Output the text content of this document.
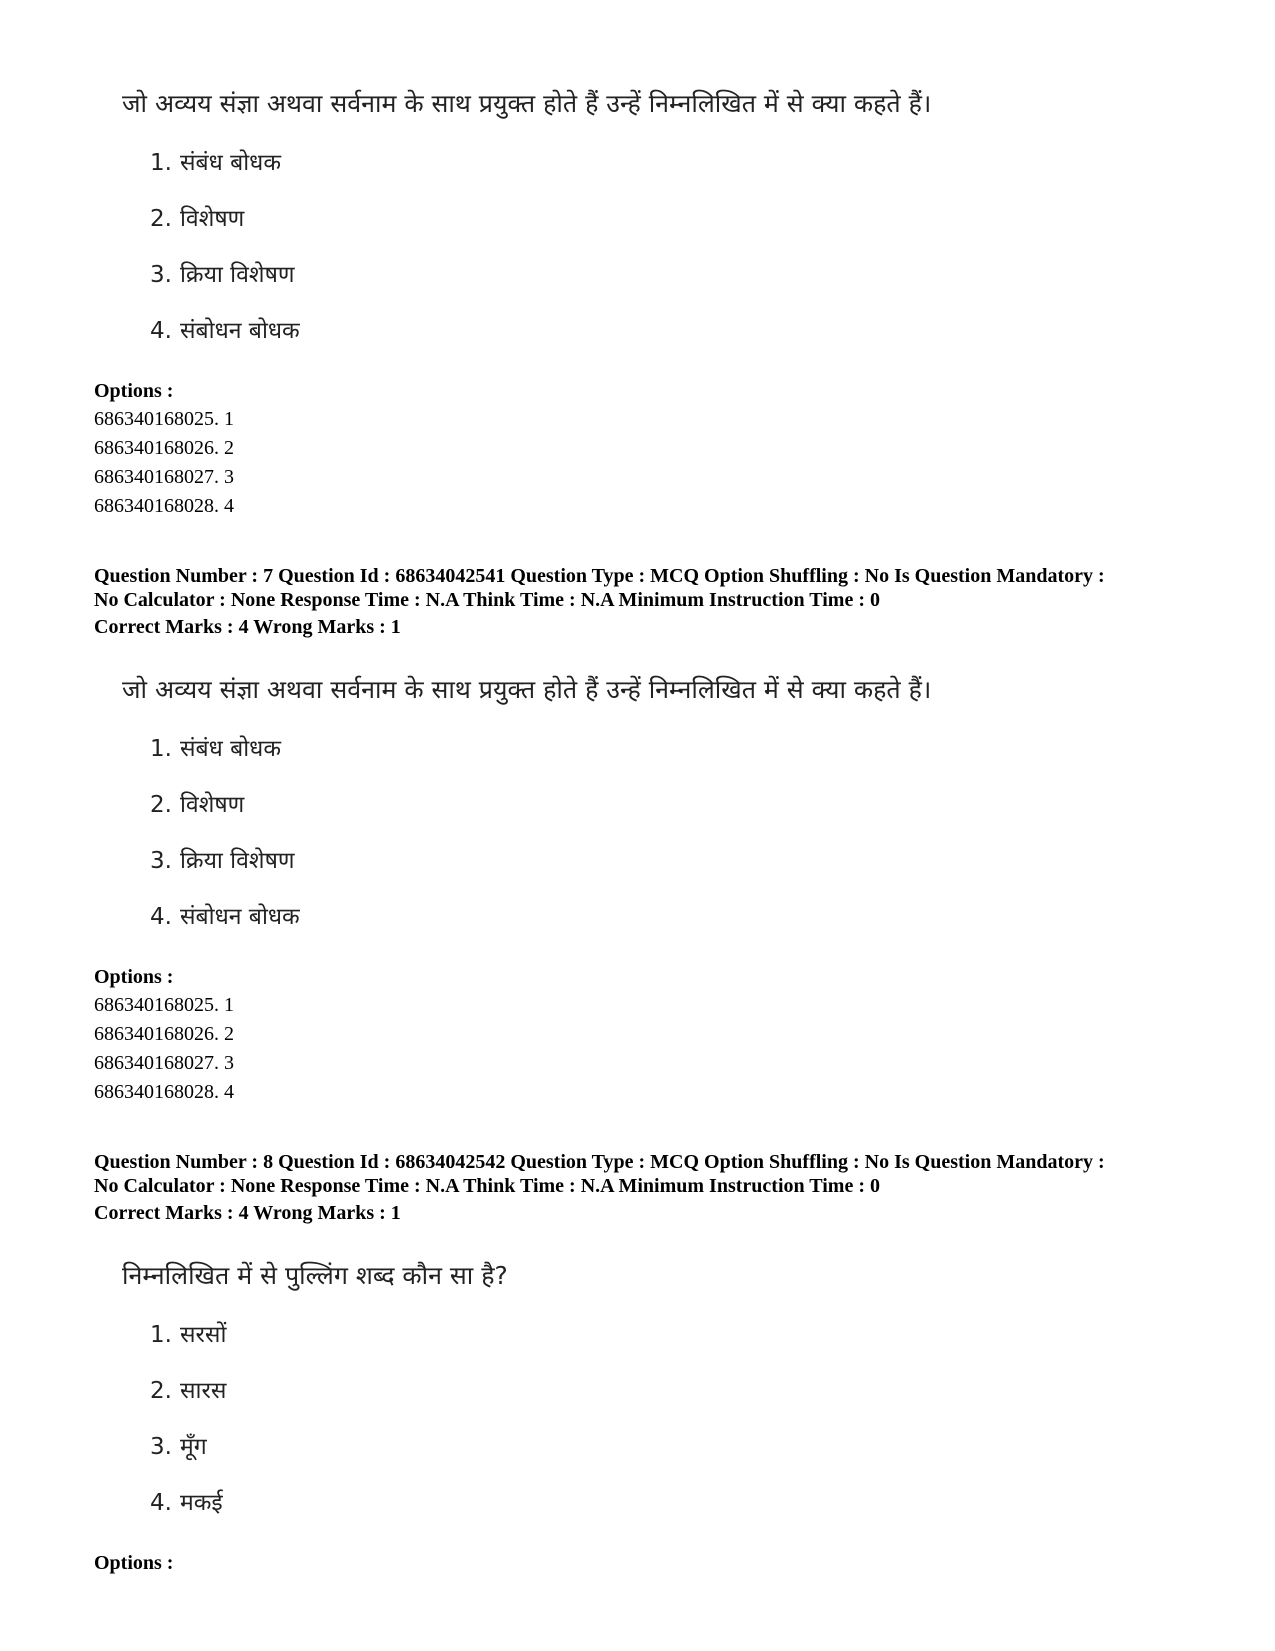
जो अव्यय संज्ञा अथवा सर्वनाम के साथ प्रयुक्त होते हैं उन्हें निम्नलिखित में से क्या कहते हैं।
1. संबंध बोधक
2. विशेषण
3. क्रिया विशेषण
4. संबोधन बोधक
Options :
686340168025. 1
686340168026. 2
686340168027. 3
686340168028. 4
Question Number : 7 Question Id : 68634042541 Question Type : MCQ Option Shuffling : No Is Question Mandatory :
No Calculator : None Response Time : N.A Think Time : N.A Minimum Instruction Time : 0
Correct Marks : 4 Wrong Marks : 1
जो अव्यय संज्ञा अथवा सर्वनाम के साथ प्रयुक्त होते हैं उन्हें निम्नलिखित में से क्या कहते हैं।
1. संबंध बोधक
2. विशेषण
3. क्रिया विशेषण
4. संबोधन बोधक
Options :
686340168025. 1
686340168026. 2
686340168027. 3
686340168028. 4
Question Number : 8 Question Id : 68634042542 Question Type : MCQ Option Shuffling : No Is Question Mandatory :
No Calculator : None Response Time : N.A Think Time : N.A Minimum Instruction Time : 0
Correct Marks : 4 Wrong Marks : 1
निम्नलिखित में से पुल्लिंग शब्द कौन सा है?
1. सरसों
2. सारस
3. मूँग
4. मकई
Options :
